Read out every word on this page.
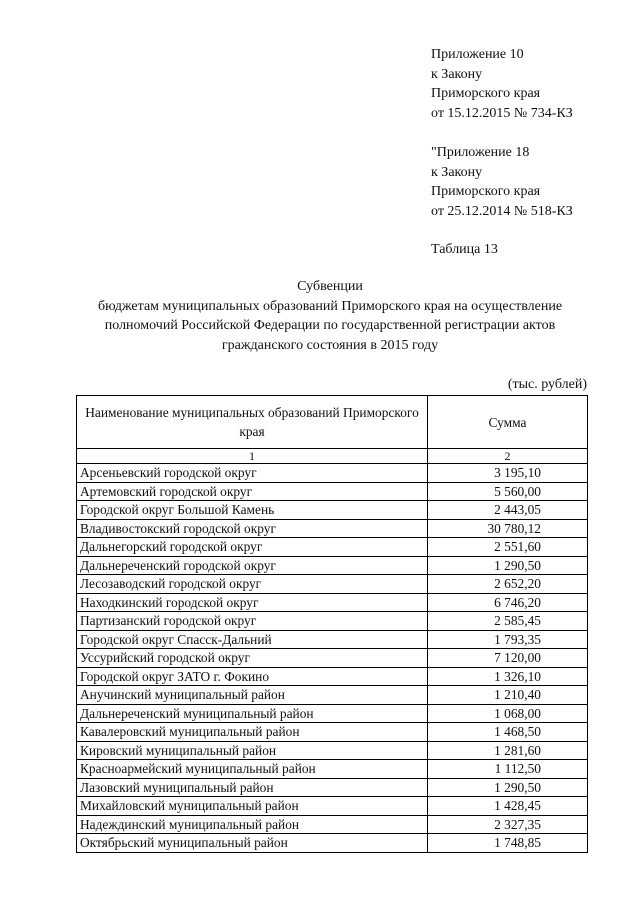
Приложение 10
к Закону
Приморского края
от 15.12.2015 № 734-КЗ
"Приложение 18
к Закону
Приморского края
от 25.12.2014 № 518-КЗ
Таблица 13
Субвенции
бюджетам муниципальных образований Приморского края на осуществление
полномочий Российской Федерации по государственной регистрации актов
гражданского состояния в 2015 году
(тыс. рублей)
Наименование муниципальных образований Приморского края	Сумма
1	2
Арсеньевский городской округ	3 195,10
Артемовский городской округ	5 560,00
Городской округ Большой Камень	2 443,05
Владивостокский городской округ	30 780,12
Дальнегорский городской округ	2 551,60
Дальнереченский городской округ	1 290,50
Лесозаводский городской округ	2 652,20
Находкинский городской округ	6 746,20
Партизанский городской округ	2 585,45
Городской округ Спасск-Дальний	1 793,35
Уссурийский городской округ	7 120,00
Городской округ ЗАТО г. Фокино	1 326,10
Анучинский муниципальный район	1 210,40
Дальнереченский муниципальный район	1 068,00
Кавалеровский муниципальный район	1 468,50
Кировский муниципальный район	1 281,60
Красноармейский муниципальный район	1 112,50
Лазовский муниципальный район	1 290,50
Михайловский муниципальный район	1 428,45
Надеждинский муниципальный район	2 327,35
Октябрьский муниципальный район	1 748,85
